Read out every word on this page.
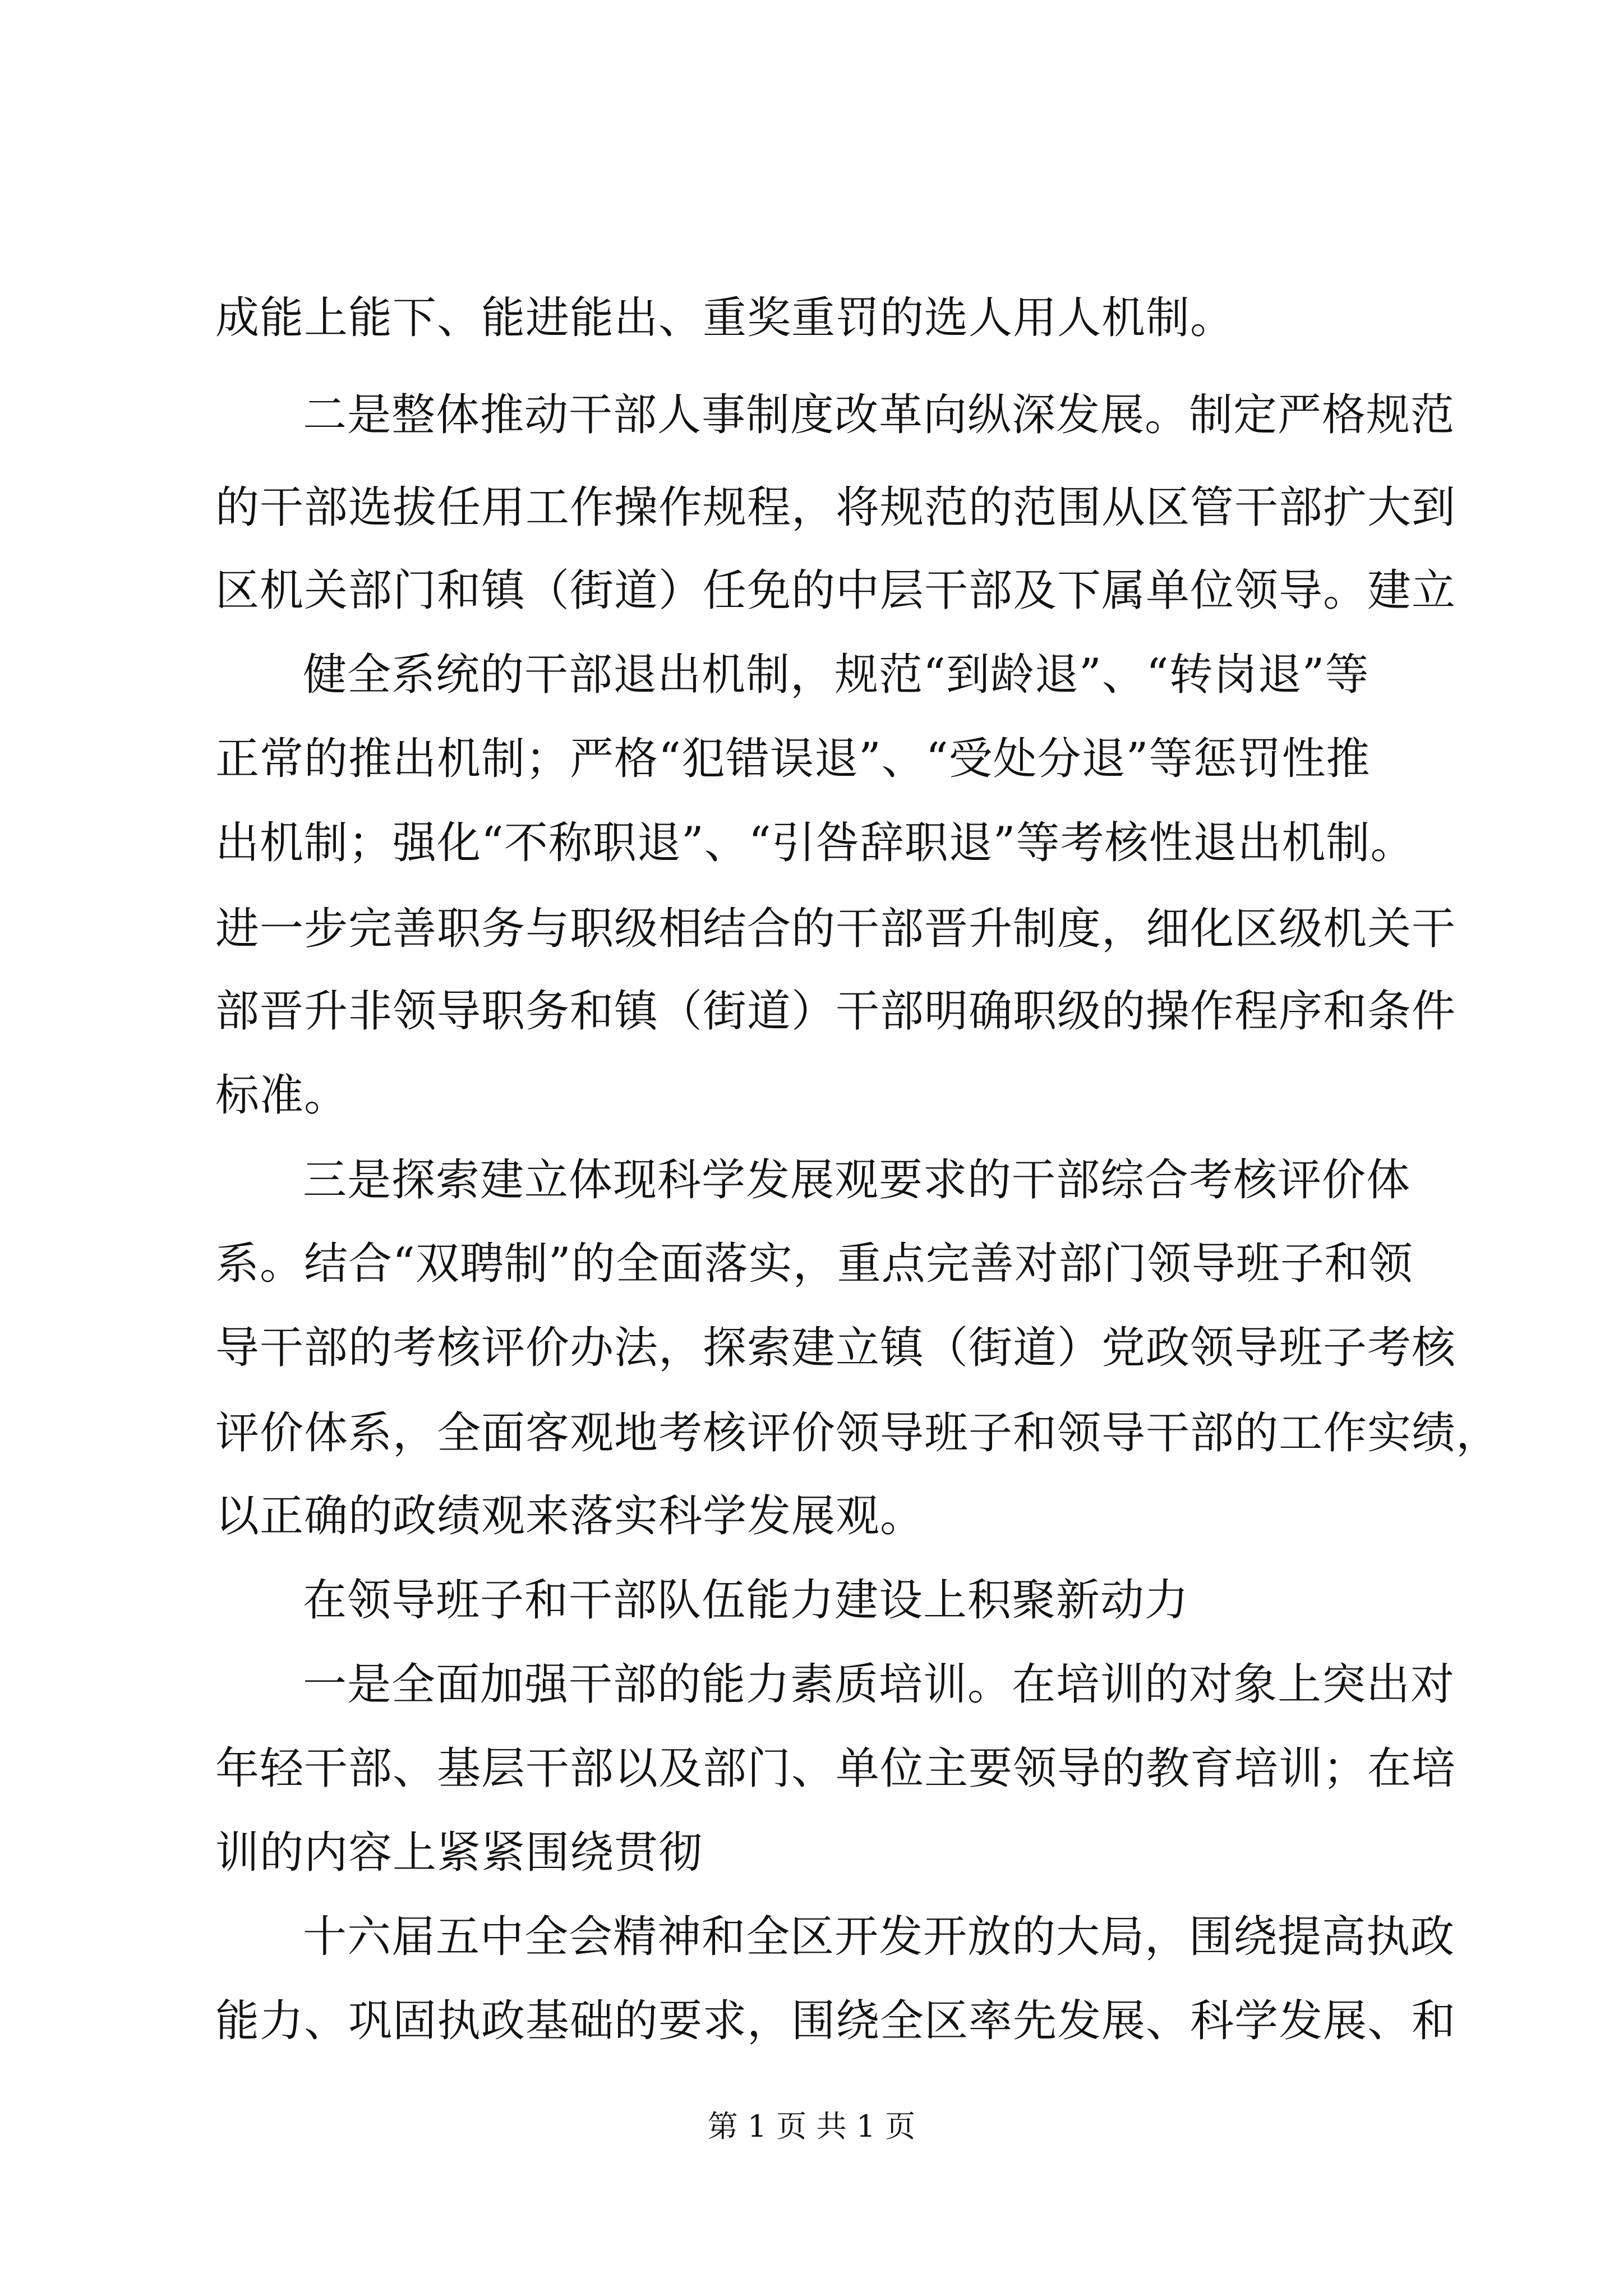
成能上能下、能进能出、重奖重罚的选人用人机制。
二是整体推动干部人事制度改革向纵深发展。制定严格规范
的干部选拔任用工作操作规程，将规范的范围从区管干部扩大到
区机关部门和镇（街道）任免的中层干部及下属单位领导。建立
健全系统的干部退出机制，规范“到龄退”、“转岗退”等
正常的推出机制；严格“犯错误退”、“受处分退”等惩罚性推
出机制；强化“不称职退”、“引咎辞职退”等考核性退出机制。
进一步完善职务与职级相结合的干部晋升制度，细化区级机关干
部晋升非领导职务和镇（街道）干部明确职级的操作程序和条件
标准。
三是探索建立体现科学发展观要求的干部综合考核评价体
系。结合“双聘制”的全面落实，重点完善对部门领导班子和领
导干部的考核评价办法，探索建立镇（街道）党政领导班子考核
评价体系，全面客观地考核评价领导班子和领导干部的工作实绩，
以正确的政绩观来落实科学发展观。
在领导班子和干部队伍能力建设上积聚新动力
一是全面加强干部的能力素质培训。在培训的对象上突出对
年轻干部、基层干部以及部门、单位主要领导的教育培训；在培
训的内容上紧紧围绕贯彻
十六届五中全会精神和全区开发开放的大局，围绕提高执政
能力、巩固执政基础的要求，围绕全区率先发展、科学发展、和
第 1 页 共 1 页
